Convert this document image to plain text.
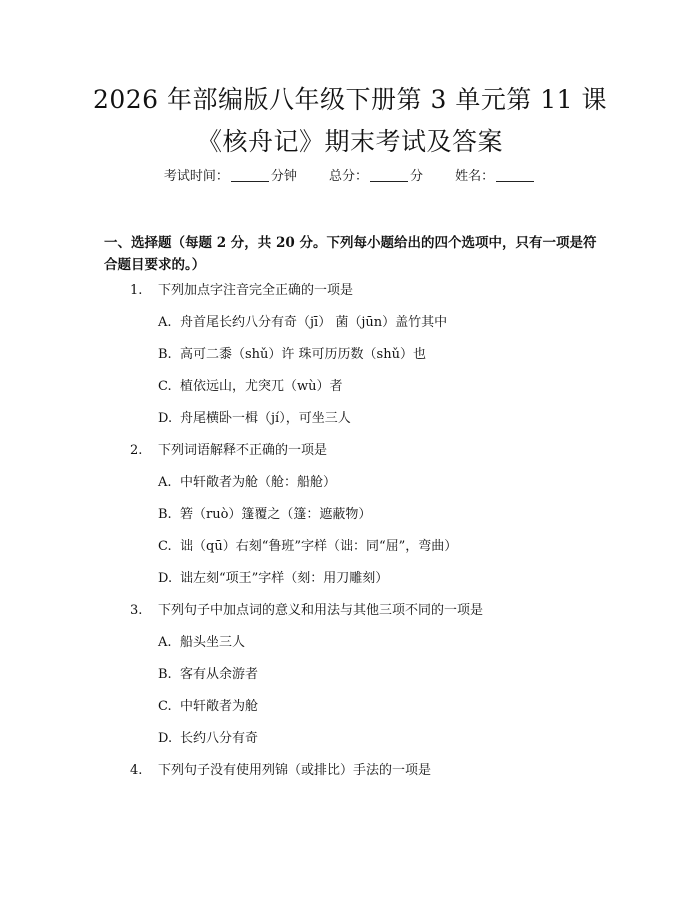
2026 年部编版八年级下册第 3 单元第 11 课
《核舟记》期末考试及答案
考试时间：	分钟 总分：	分 姓名：
一、选择题（每题 2 分，共 20 分。下列每小题给出的四个选项中，只有一项是符合题目要求的。）
1. 下列加点字注音完全正确的一项是
A. 舟首尾长约八分有奇（jī） 菌（jūn）盖竹其中
B. 高可二黍（shǔ）许 珠可历历数（shǔ）也
C. 植依远山，尤突兀（wù）者
D. 舟尾横卧一楫（jí），可坐三人
2. 下列词语解释不正确的一项是
A. 中轩敞者为舱（舱：船舱）
B. 箬（ruò）篷覆之（篷：遮蔽物）
C. 诎（qū）右刻“鲁班”字样（诎：同“屈”，弯曲）
D. 诎左刻“项王”字样（刻：用刀雕刻）
3. 下列句子中加点词的意义和用法与其他三项不同的一项是
A. 船头坐三人
B. 客有从余游者
C. 中轩敞者为舱
D. 长约八分有奇
4. 下列句子没有使用列锦（或排比）手法的一项是
